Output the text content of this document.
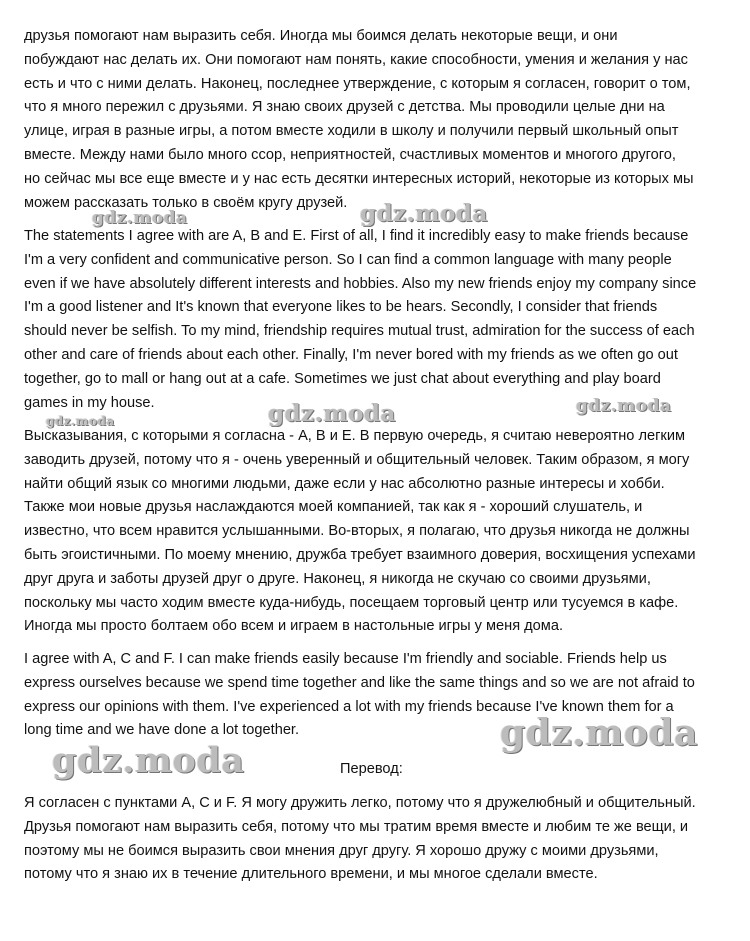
друзья помогают нам выразить себя. Иногда мы боимся делать некоторые вещи, и они
побуждают нас делать их. Они помогают нам понять, какие способности, умения и желания у нас
есть и что с ними делать. Наконец, последнее утверждение, с которым я согласен, говорит о том,
что я много пережил с друзьями. Я знаю своих друзей с детства. Мы проводили целые дни на
улице, играя в разные игры, а потом вместе ходили в школу и получили первый школьный опыт
вместе. Между нами было много ссор, неприятностей, счастливых моментов и многого другого,
но сейчас мы все еще вместе и у нас есть десятки интересных историй, некоторые из которых мы
можем рассказать только в своём кругу друзей.

The statements I agree with are A, B and E. First of all, I find it incredibly easy to make friends because
I'm a very confident and communicative person. So I can find a common language with many people
even if we have absolutely different interests and hobbies. Also my new friends enjoy my company since
I'm a good listener and It's known that everyone likes to be hears. Secondly, I consider that friends
should never be selfish. To my mind, friendship requires mutual trust, admiration for the success of each
other and care of friends about each other. Finally, I'm never bored with my friends as we often go out
together, go to mall or hang out at a cafe. Sometimes we just chat about everything and play board
games in my house.

Высказывания, с которыми я согласна - A, B и E. В первую очередь, я считаю невероятно легким
заводить друзей, потому что я - очень уверенный и общительный человек. Таким образом, я могу
найти общий язык со многими людьми, даже если у нас абсолютно разные интересы и хобби.
Также мои новые друзья наслаждаются моей компанией, так как я - хороший слушатель, и
известно, что всем нравится услышанными. Во-вторых, я полагаю, что друзья никогда не должны
быть эгоистичными. По моему мнению, дружба требует взаимного доверия, восхищения успехами
друг друга и заботы друзей друг о друге. Наконец, я никогда не скучаю со своими друзьями,
поскольку мы часто ходим вместе куда-нибудь, посещаем торговый центр или тусуемся в кафе.
Иногда мы просто болтаем обо всем и играем в настольные игры у меня дома.

I agree with A, C and F. I can make friends easily because I'm friendly and sociable. Friends help us
express ourselves because we spend time together and like the same things and so we are not afraid to
express our opinions with them. I've experienced a lot with my friends because I've known them for a
long time and we have done a lot together.

Перевод:

Я согласен с пунктами A, C и F. Я могу дружить легко, потому что я дружелюбный и общительный.
Друзья помогают нам выразить себя, потому что мы тратим время вместе и любим те же вещи, и
поэтому мы не боимся выразить свои мнения друг другу. Я хорошо дружу с моими друзьями,
потому что я знаю их в течение длительного времени, и мы многое сделали вместе.

gdz.moda	gdz.moda
gdz.moda	gdz.moda	gdz.moda
gdz.moda
gdz.moda
